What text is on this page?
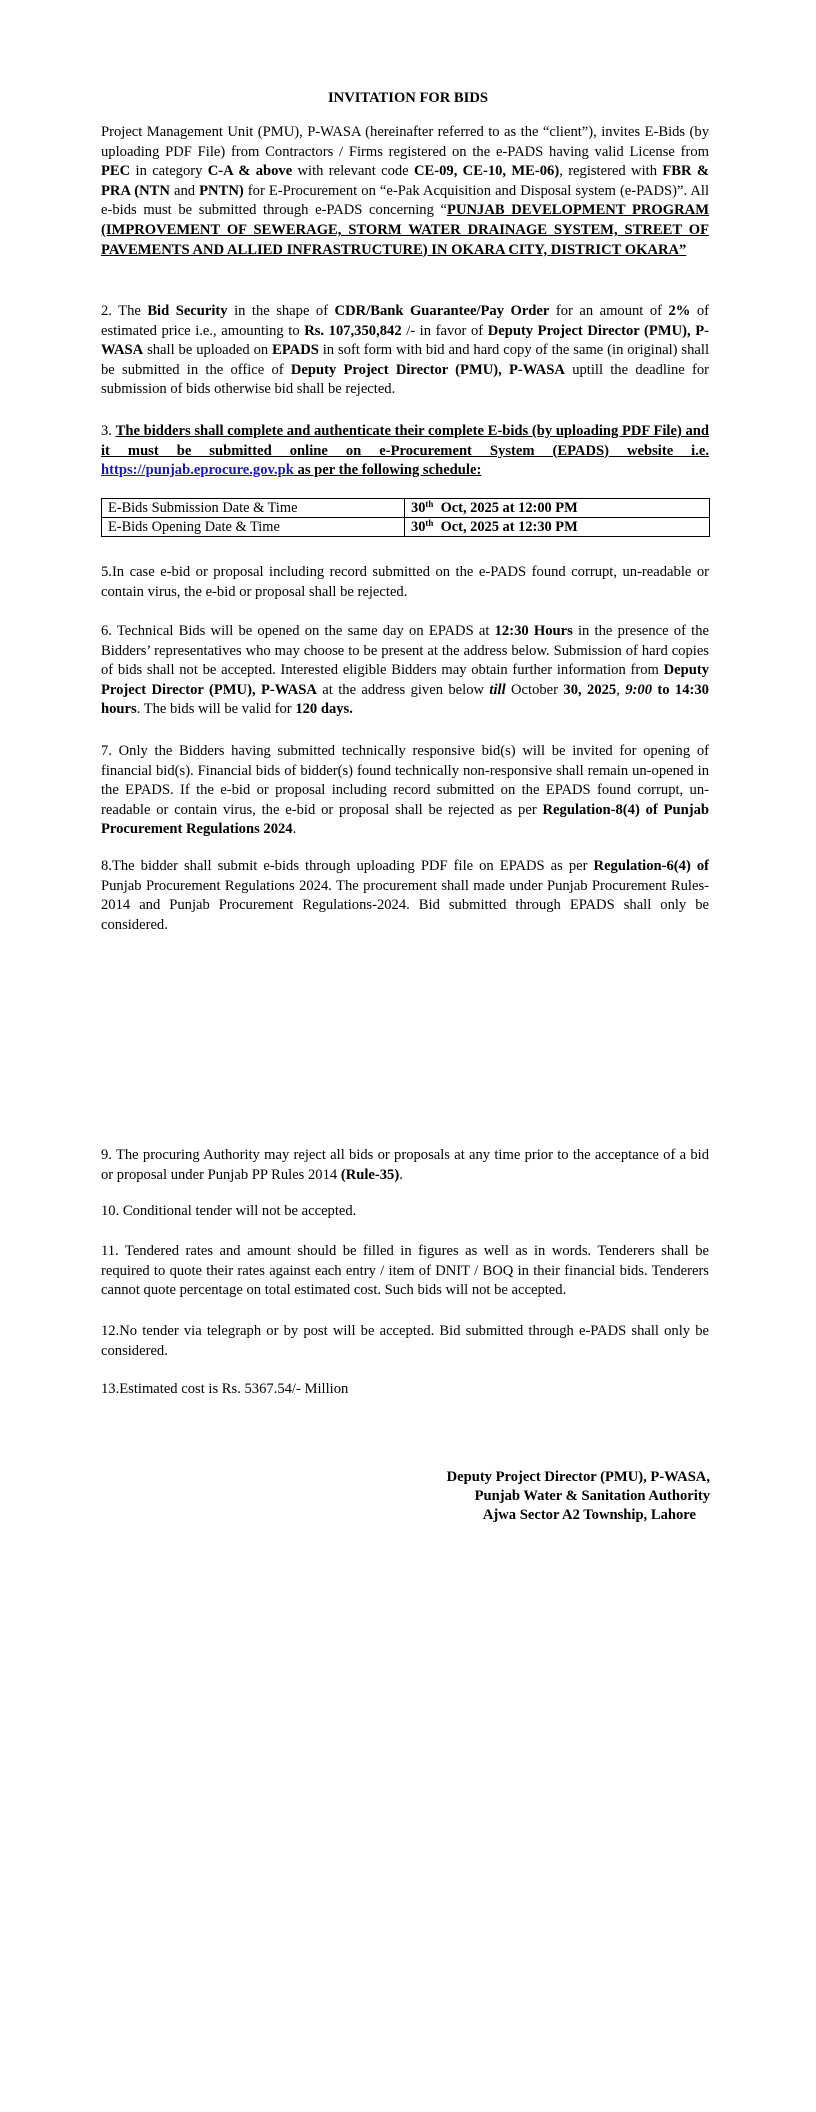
INVITATION FOR BIDS

Project Management Unit (PMU), P-WASA (hereinafter referred to as the “client”), invites E-Bids (by uploading PDF File) from Contractors / Firms registered on the e-PADS having valid License from PEC in category C-A & above with relevant code CE-09, CE-10, ME-06), registered with FBR & PRA (NTN and PNTN) for E-Procurement on “e-Pak Acquisition and Disposal system (e-PADS)”. All e-bids must be submitted through e-PADS concerning “PUNJAB DEVELOPMENT PROGRAM (IMPROVEMENT OF SEWERAGE, STORM WATER DRAINAGE SYSTEM, STREET OF PAVEMENTS AND ALLIED INFRASTRUCTURE) IN OKARA CITY, DISTRICT OKARA”

2. The Bid Security in the shape of CDR/Bank Guarantee/Pay Order for an amount of 2% of estimated price i.e., amounting to Rs. 107,350,842 /- in favor of Deputy Project Director (PMU), P-WASA shall be uploaded on EPADS in soft form with bid and hard copy of the same (in original) shall be submitted in the office of Deputy Project Director (PMU), P-WASA uptill the deadline for submission of bids otherwise bid shall be rejected.

3. The bidders shall complete and authenticate their complete E-bids (by uploading PDF File) and it must be submitted online on e-Procurement System (EPADS) website i.e. https://punjab.eprocure.gov.pk as per the following schedule:

E-Bids Submission Date & Time	30th  Oct, 2025 at 12:00 PM
E-Bids Opening Date & Time	30th  Oct, 2025 at 12:30 PM

5.In case e-bid or proposal including record submitted on the e-PADS found corrupt, un-readable or contain virus, the e-bid or proposal shall be rejected.

6. Technical Bids will be opened on the same day on EPADS at 12:30 Hours in the presence of the Bidders’ representatives who may choose to be present at the address below. Submission of hard copies of bids shall not be accepted. Interested eligible Bidders may obtain further information from Deputy Project Director (PMU), P-WASA at the address given below till October 30, 2025, 9:00 to 14:30 hours. The bids will be valid for 120 days.

7. Only the Bidders having submitted technically responsive bid(s) will be invited for opening of financial bid(s). Financial bids of bidder(s) found technically non-responsive shall remain un-opened in the EPADS. If the e-bid or proposal including record submitted on the EPADS found corrupt, un-readable or contain virus, the e-bid or proposal shall be rejected as per Regulation-8(4) of Punjab Procurement Regulations 2024.

8.The bidder shall submit e-bids through uploading PDF file on EPADS as per Regulation-6(4) of Punjab Procurement Regulations 2024. The procurement shall made under Punjab Procurement Rules-2014 and Punjab Procurement Regulations-2024. Bid submitted through EPADS shall only be considered.

9. The procuring Authority may reject all bids or proposals at any time prior to the acceptance of a bid or proposal under Punjab PP Rules 2014 (Rule-35).

10. Conditional tender will not be accepted.

11. Tendered rates and amount should be filled in figures as well as in words. Tenderers shall be required to quote their rates against each entry / item of DNIT / BOQ in their financial bids. Tenderers cannot quote percentage on total estimated cost. Such bids will not be accepted.

12.No tender via telegraph or by post will be accepted. Bid submitted through e-PADS shall only be considered.

13.Estimated cost is Rs. 5367.54/- Million

Deputy Project Director (PMU), P-WASA,
Punjab Water & Sanitation Authority
Ajwa Sector A2 Township, Lahore
